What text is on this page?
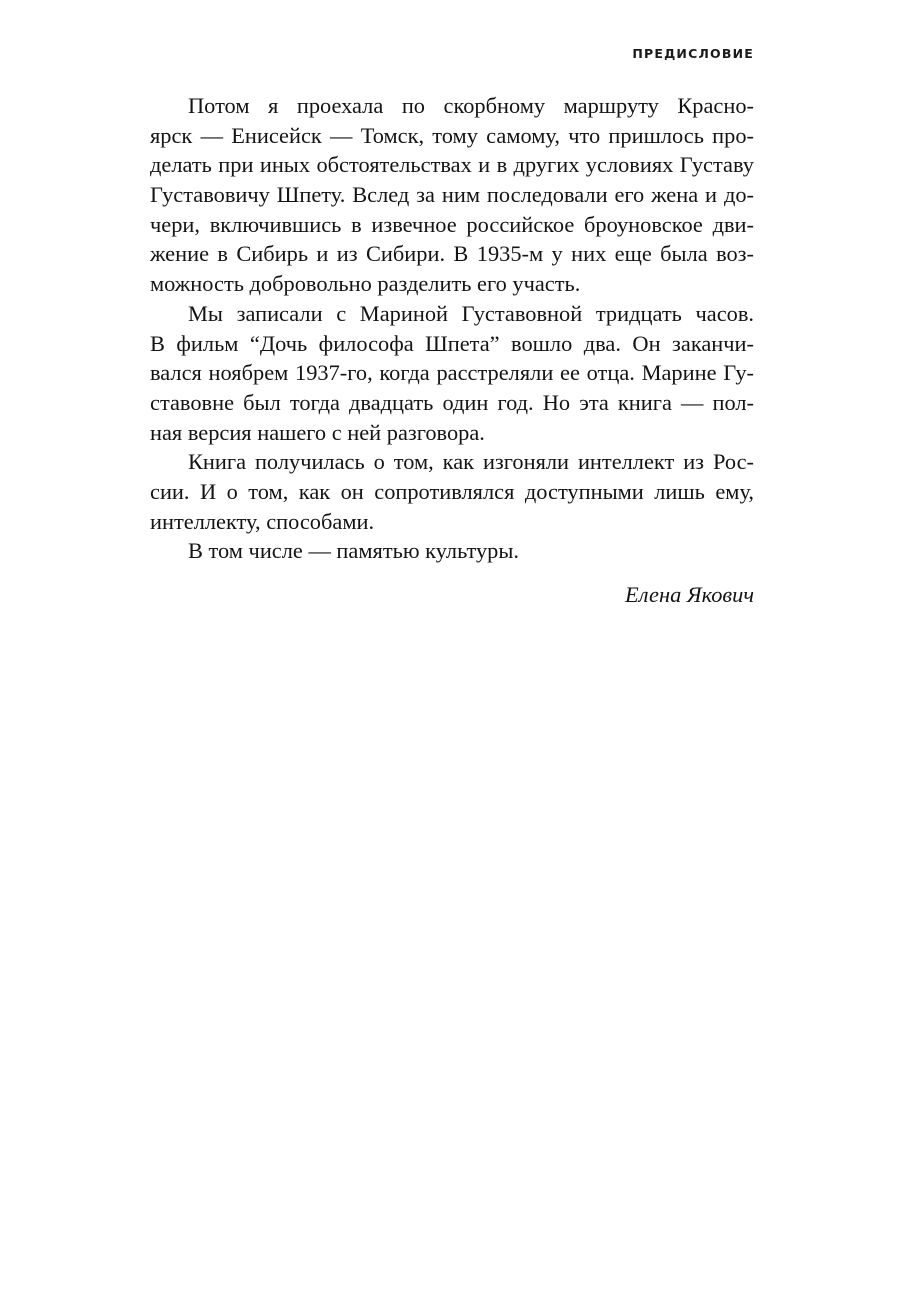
ПРЕДИСЛОВИЕ
Потом я проехала по скорбному маршруту Красно-
ярск — Енисейск — Томск, тому самому, что пришлось про-
делать при иных обстоятельствах и в других условиях Густаву
Густавовичу Шпету. Вслед за ним последовали его жена и до-
чери, включившись в извечное российское броуновское дви-
жение в Сибирь и из Сибири. В 1935-м у них еще была воз-
можность добровольно разделить его участь.
Мы записали с Мариной Густавовной тридцать часов.
В фильм “Дочь философа Шпета” вошло два. Он заканчи-
вался ноябрем 1937-го, когда расстреляли ее отца. Марине Гу-
ставовне был тогда двадцать один год. Но эта книга — пол-
ная версия нашего с ней разговора.
Книга получилась о том, как изгоняли интеллект из Рос-
сии. И о том, как он сопротивлялся доступными лишь ему,
интеллекту, способами.
В том числе — памятью культуры.
Елена Якович
